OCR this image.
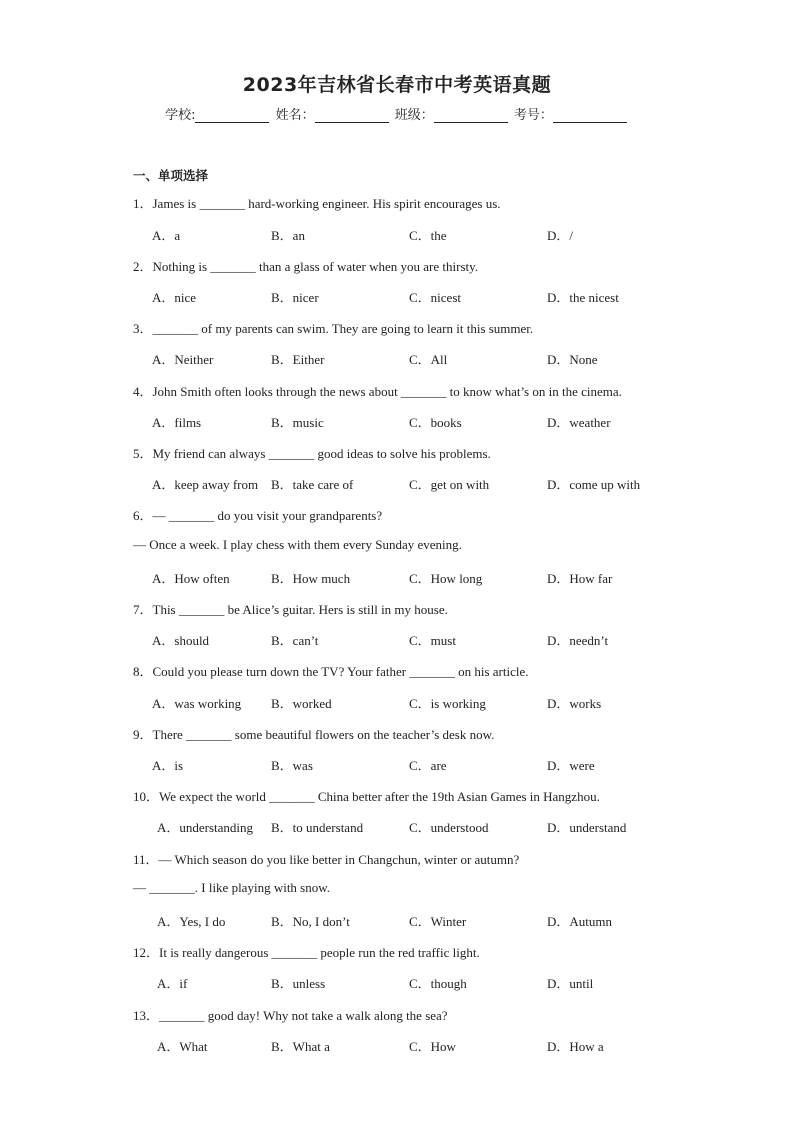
2023年吉林省长春市中考英语真题
学校:	姓名：	班级：	考号：
一、单项选择
1．James is _______ hard-working engineer. His spirit encourages us.
A．a	B．an	C．the	D．/
2．Nothing is _______ than a glass of water when you are thirsty.
A．nice	B．nicer	C．nicest	D．the nicest
3．_______ of my parents can swim. They are going to learn it this summer.
A．Neither	B．Either	C．All	D．None
4．John Smith often looks through the news about _______ to know what’s on in the cinema.
A．films	B．music	C．books	D．weather
5．My friend can always _______ good ideas to solve his problems.
A．keep away from B．take care of	C．get on with	D．come up with
6．— _______ do you visit your grandparents?
— Once a week. I play chess with them every Sunday evening.
A．How often	B．How much	C．How long	D．How far
7．This _______ be Alice’s guitar. Hers is still in my house.
A．should	B．can’t	C．must	D．needn’t
8．Could you please turn down the TV? Your father _______ on his article.
A．was working B．worked	C．is working	D．works
9．There _______ some beautiful flowers on the teacher’s desk now.
A．is	B．was	C．are	D．were
10．We expect the world _______ China better after the 19th Asian Games in Hangzhou.
A．understanding B．to understand	C．understood	D．understand
11．— Which season do you like better in Changchun, winter or autumn?
— _______. I like playing with snow.
A．Yes, I do	B．No, I don’t	C．Winter	D．Autumn
12．It is really dangerous _______ people run the red traffic light.
A．if	B．unless	C．though	D．until
13．_______ good day! Why not take a walk along the sea?
A．What	B．What a	C．How	D．How a
